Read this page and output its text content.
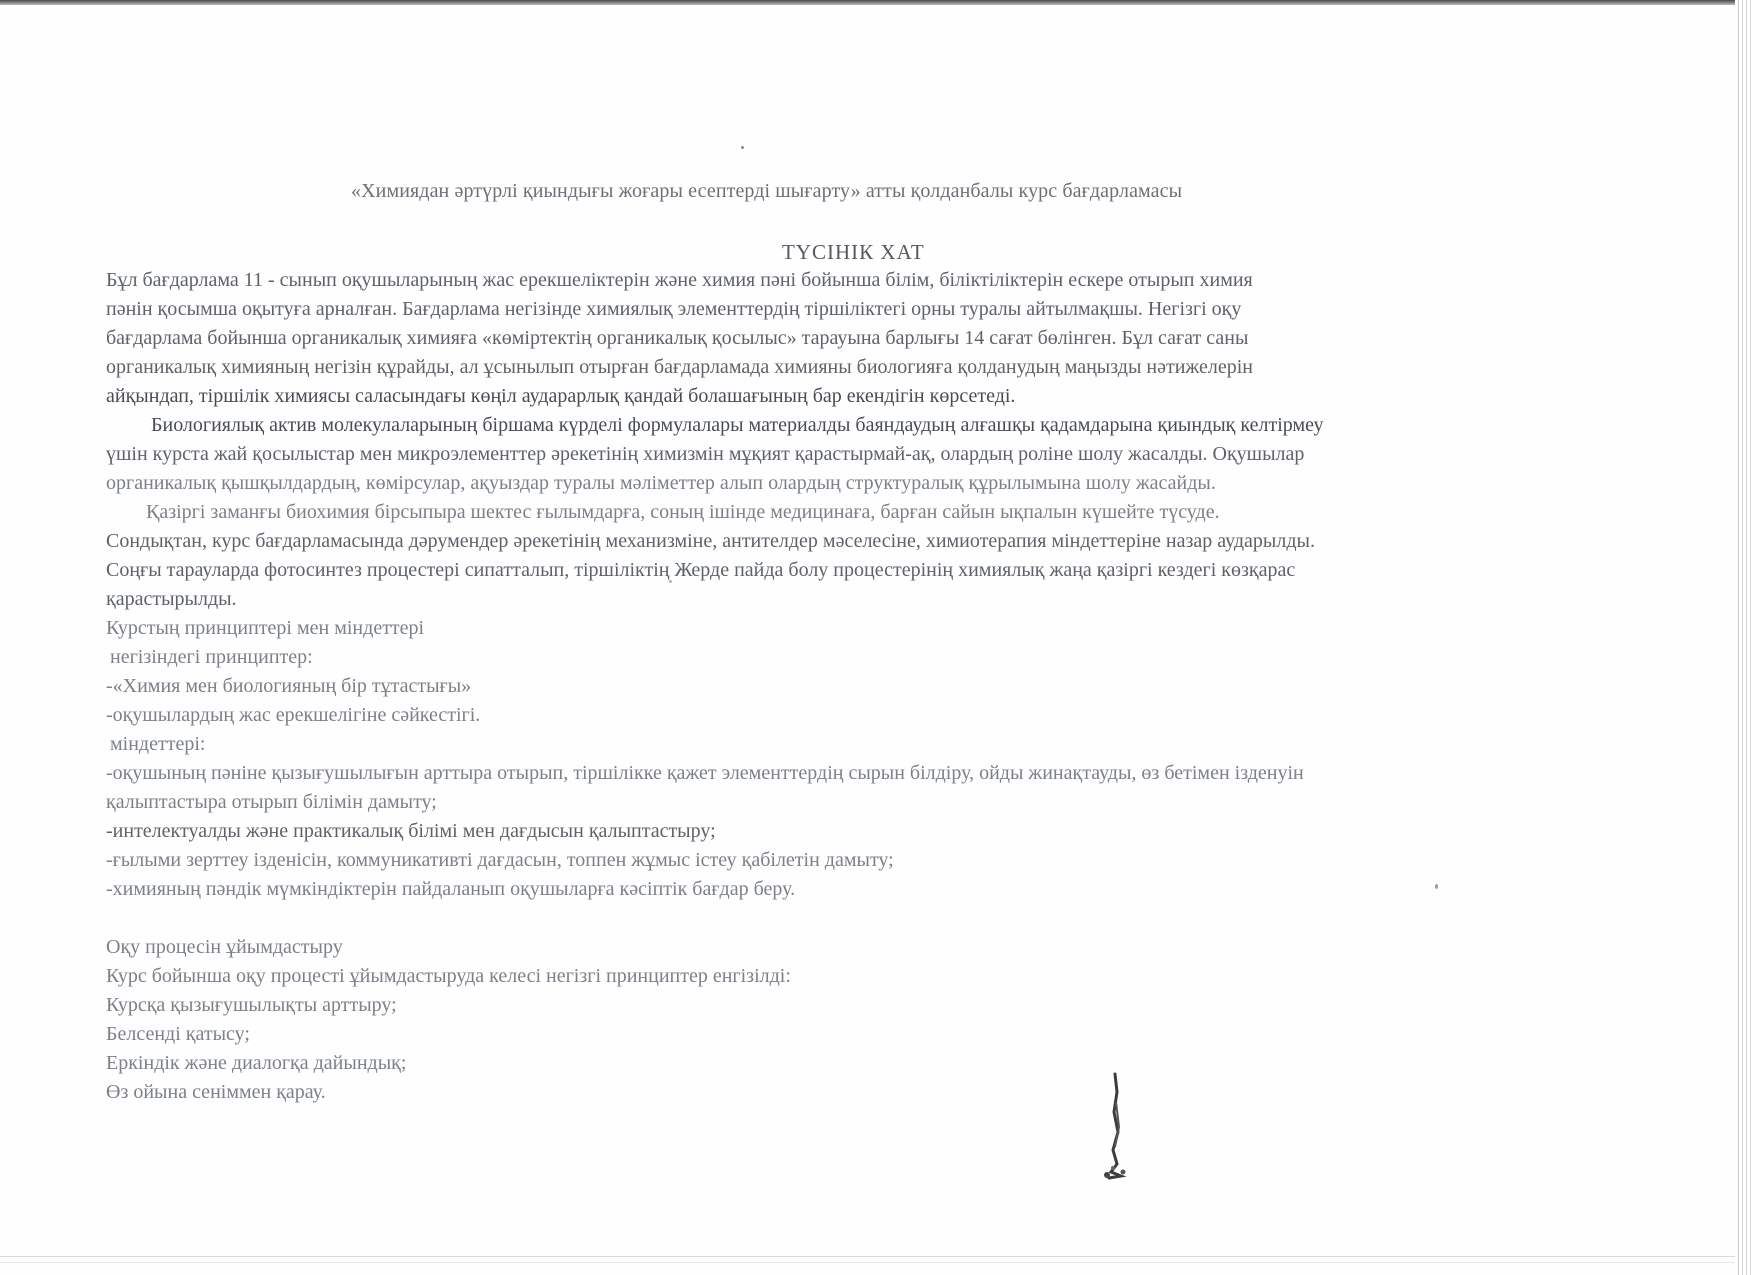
«Химиядан әртүрлі қиындығы жоғары есептерді шығарту» атты қолданбалы курс бағдарламасы
ТҮСІНІК ХАТ
Бұл бағдарлама 11 - сынып оқушыларының жас ерекшеліктерін және химия пәні бойынша білім, біліктіліктерін ескере отырып химия
пәнін қосымша оқытуға арналған. Бағдарлама негізінде химиялық элементтердің тіршіліктегі орны туралы айтылмақшы. Негізгі оқу
бағдарлама бойынша органикалық химияға «көміртектің органикалық қосылыс» тарауына барлығы 14 сағат бөлінген. Бұл сағат саны
органикалық химияның негізін құрайды, ал ұсынылып отырған бағдарламада химияны биологияға қолданудың маңызды нәтижелерін
айқындап, тіршілік химиясы саласындағы көңіл аударарлық қандай болашағының бар екендігін көрсетеді.
Биологиялық актив молекулаларының біршама күрделі формулалары материалды баяндаудың алғашқы қадамдарына қиындық келтірмеу
үшін курста жай қосылыстар мен микроэлементтер әрекетінің химизмін мұқият қарастырмай-ақ, олардың роліне шолу жасалды. Оқушылар
органикалық қышқылдардың, көмірсулар, ақуыздар туралы мәліметтер алып олардың структуралық құрылымына шолу жасайды.
Қазіргі заманғы биохимия бірсыпыра шектес ғылымдарға, соның ішінде медицинаға, барған сайын ықпалын күшейте түсуде.
Сондықтан, курс бағдарламасында дәрумендер әрекетінің механизміне, антителдер мәселесіне, химиотерапия міндеттеріне назар аударылды.
Соңғы тарауларда фотосинтез процестері сипатталып, тіршіліктің Жерде пайда болу процестерінің химиялық жаңа қазіргі кездегі көзқарас
қарастырылды.
Курстың принциптері мен міндеттері
негізіндегі принциптер:
-«Химия мен биологияның бір тұтастығы»
-оқушылардың жас ерекшелігіне сәйкестігі.
міндеттері:
-оқушының пәніне қызығушылығын арттыра отырып, тіршілікке қажет элементтердің сырын білдіру, ойды жинақтауды, өз бетімен ізденуін
қалыптастыра отырып білімін дамыту;
-интелектуалды және практикалық білімі мен дағдысын қалыптастыру;
-ғылыми зерттеу ізденісін, коммуникативті дағдасын, топпен жұмыс істеу қабілетін дамыту;
-химияның пәндік мүмкіндіктерін пайдаланып оқушыларға кәсіптік бағдар беру.
Оқу процесін ұйымдастыру
Курс бойынша оқу процесті ұйымдастыруда келесі негізгі принциптер енгізілді:
Курсқа қызығушылықты арттыру;
Белсенді қатысу;
Еркіндік және диалогқа дайындық;
Өз ойына сеніммен қарау.
